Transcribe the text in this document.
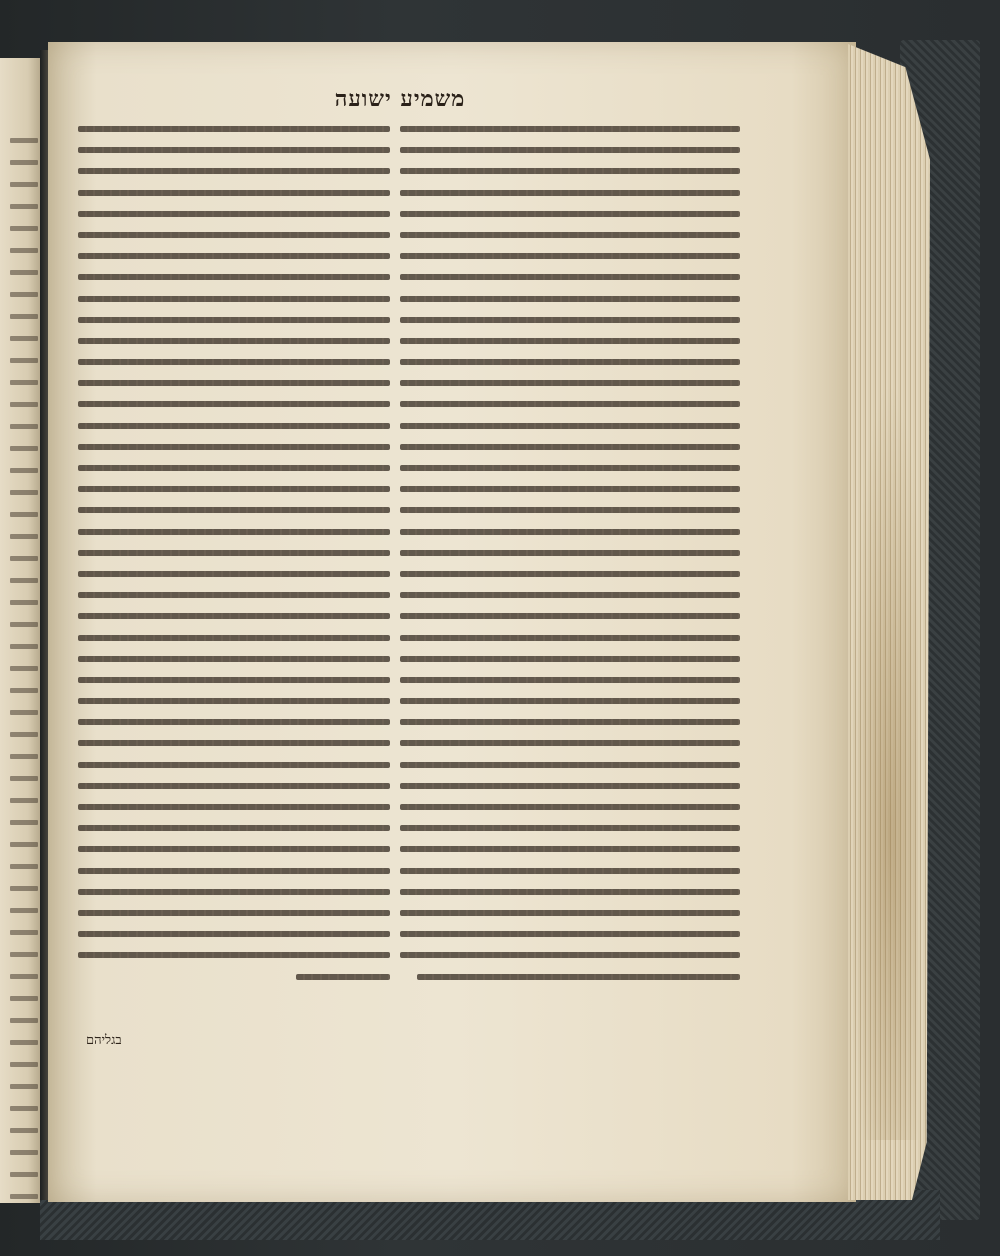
משמיע ישועה
בגליהם
